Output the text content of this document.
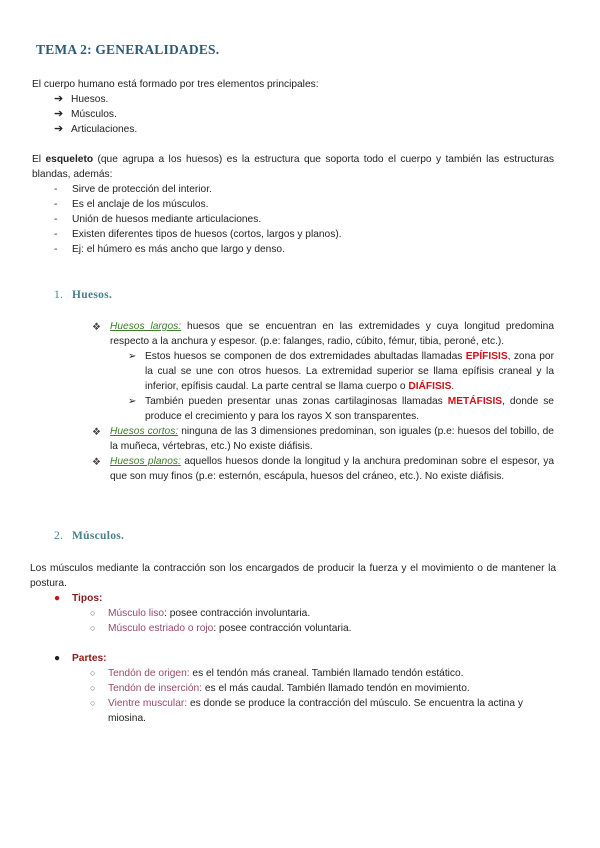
TEMA 2: GENERALIDADES.
El cuerpo humano está formado por tres elementos principales:
➔ Huesos.
➔ Músculos.
➔ Articulaciones.
El esqueleto (que agrupa a los huesos) es la estructura que soporta todo el cuerpo y también las estructuras blandas, además:
- Sirve de protección del interior.
- Es el anclaje de los músculos.
- Unión de huesos mediante articulaciones.
- Existen diferentes tipos de huesos (cortos, largos y planos).
- Ej: el húmero es más ancho que largo y denso.
1. Huesos.
❖ Huesos largos: huesos que se encuentran en las extremidades y cuya longitud predomina respecto a la anchura y espesor. (p.e: falanges, radio, cúbito, fémur, tibia, peroné, etc.).
➢ Estos huesos se componen de dos extremidades abultadas llamadas EPÍFISIS, zona por la cual se une con otros huesos. La extremidad superior se llama epífisis craneal y la inferior, epífisis caudal. La parte central se llama cuerpo o DIÁFISIS.
➢ También pueden presentar unas zonas cartilaginosas llamadas METÁFISIS, donde se produce el crecimiento y para los rayos X son transparentes.
❖ Huesos cortos: ninguna de las 3 dimensiones predominan, son iguales (p.e: huesos del tobillo, de la muñeca, vértebras, etc.) No existe diáfisis.
❖ Huesos planos: aquellos huesos donde la longitud y la anchura predominan sobre el espesor, ya que son muy finos (p.e: esternón, escápula, huesos del cráneo, etc.). No existe diáfisis.
2. Músculos.
Los músculos mediante la contracción son los encargados de producir la fuerza y el movimiento o de mantener la postura.
● Tipos:
○ Músculo liso: posee contracción involuntaria.
○ Músculo estriado o rojo: posee contracción voluntaria.
● Partes:
○ Tendón de origen: es el tendón más craneal. También llamado tendón estático.
○ Tendón de inserción: es el más caudal. También llamado tendón en movimiento.
○	Vientre muscular: es donde se produce la contracción del músculo. Se encuentra la actina y miosina.
